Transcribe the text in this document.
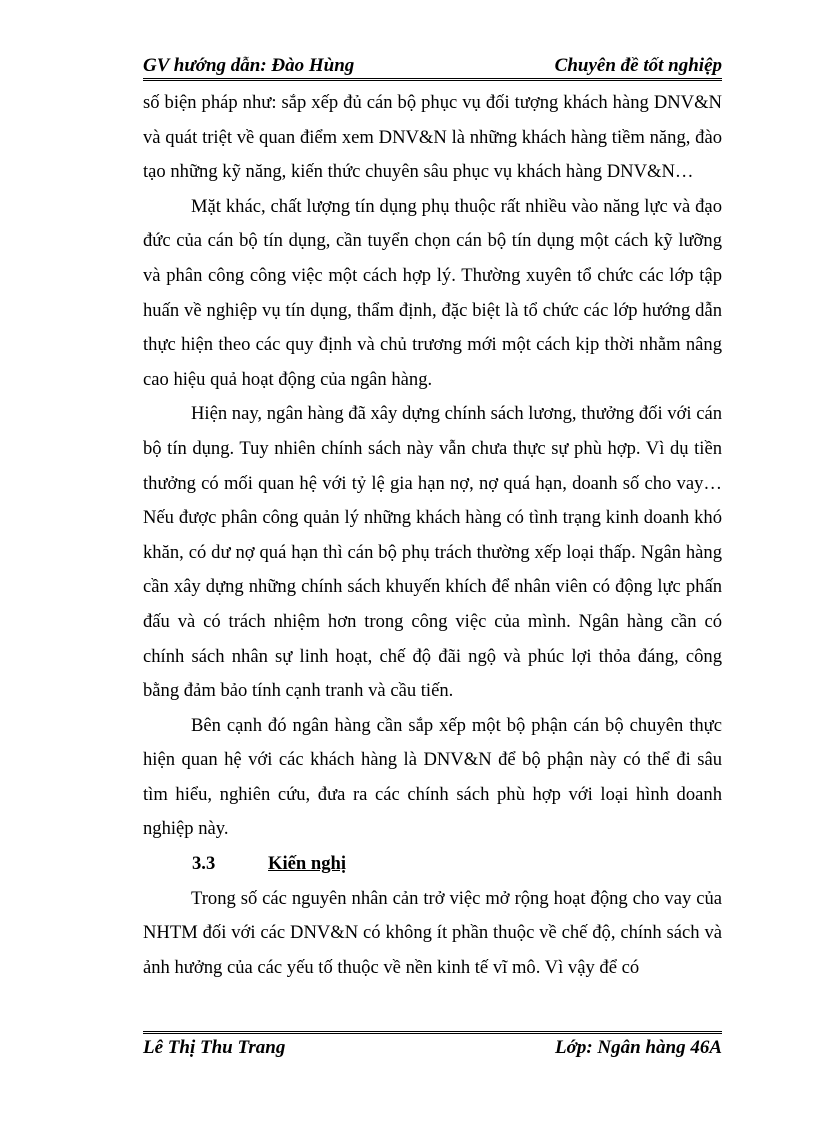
GV hướng dẫn: Đào Hùng	Chuyên đề tốt nghiệp

số biện pháp như: sắp xếp đủ cán bộ phục vụ đối tượng khách hàng DNV&N và quát triệt về quan điểm xem DNV&N là những khách hàng tiềm năng, đào tạo những kỹ năng, kiến thức chuyên sâu phục vụ khách hàng DNV&N…

Mặt khác, chất lượng tín dụng phụ thuộc rất nhiều vào năng lực và đạo đức của cán bộ tín dụng, cần tuyển chọn cán bộ tín dụng một cách kỹ lưỡng và phân công công việc một cách hợp lý. Thường xuyên tổ chức các lớp tập huấn về nghiệp vụ tín dụng, thẩm định, đặc biệt là tổ chức các lớp hướng dẫn thực hiện theo các quy định và chủ trương mới một cách kịp thời nhằm nâng cao hiệu quả hoạt động của ngân hàng.

Hiện nay, ngân hàng đã xây dựng chính sách lương, thưởng đối với cán bộ tín dụng. Tuy nhiên chính sách này vẫn chưa thực sự phù hợp. Vì dụ tiền thưởng có mối quan hệ với tỷ lệ gia hạn nợ, nợ quá hạn, doanh số cho vay…Nếu được phân công quản lý những khách hàng có tình trạng kinh doanh khó khăn, có dư nợ quá hạn thì cán bộ phụ trách thường xếp loại thấp. Ngân hàng cần xây dựng những chính sách khuyến khích để nhân viên có động lực phấn đấu và có trách nhiệm hơn trong công việc của mình. Ngân hàng cần có chính sách nhân sự linh hoạt, chế độ đãi ngộ và phúc lợi thỏa đáng, công bằng đảm bảo tính cạnh tranh và cầu tiến.

Bên cạnh đó ngân hàng cần sắp xếp một bộ phận cán bộ chuyên thực hiện quan hệ với các khách hàng là DNV&N để bộ phận này có thể đi sâu tìm hiểu, nghiên cứu, đưa ra các chính sách phù hợp với loại hình doanh nghiệp này.

3.3	Kiến nghị

Trong số các nguyên nhân cản trở việc mở rộng hoạt động cho vay của NHTM đối với các DNV&N có không ít phần thuộc về chế độ, chính sách và ảnh hưởng của các yếu tố thuộc về nền kinh tế vĩ mô. Vì vậy để có

Lê Thị Thu Trang	Lớp: Ngân hàng 46A
